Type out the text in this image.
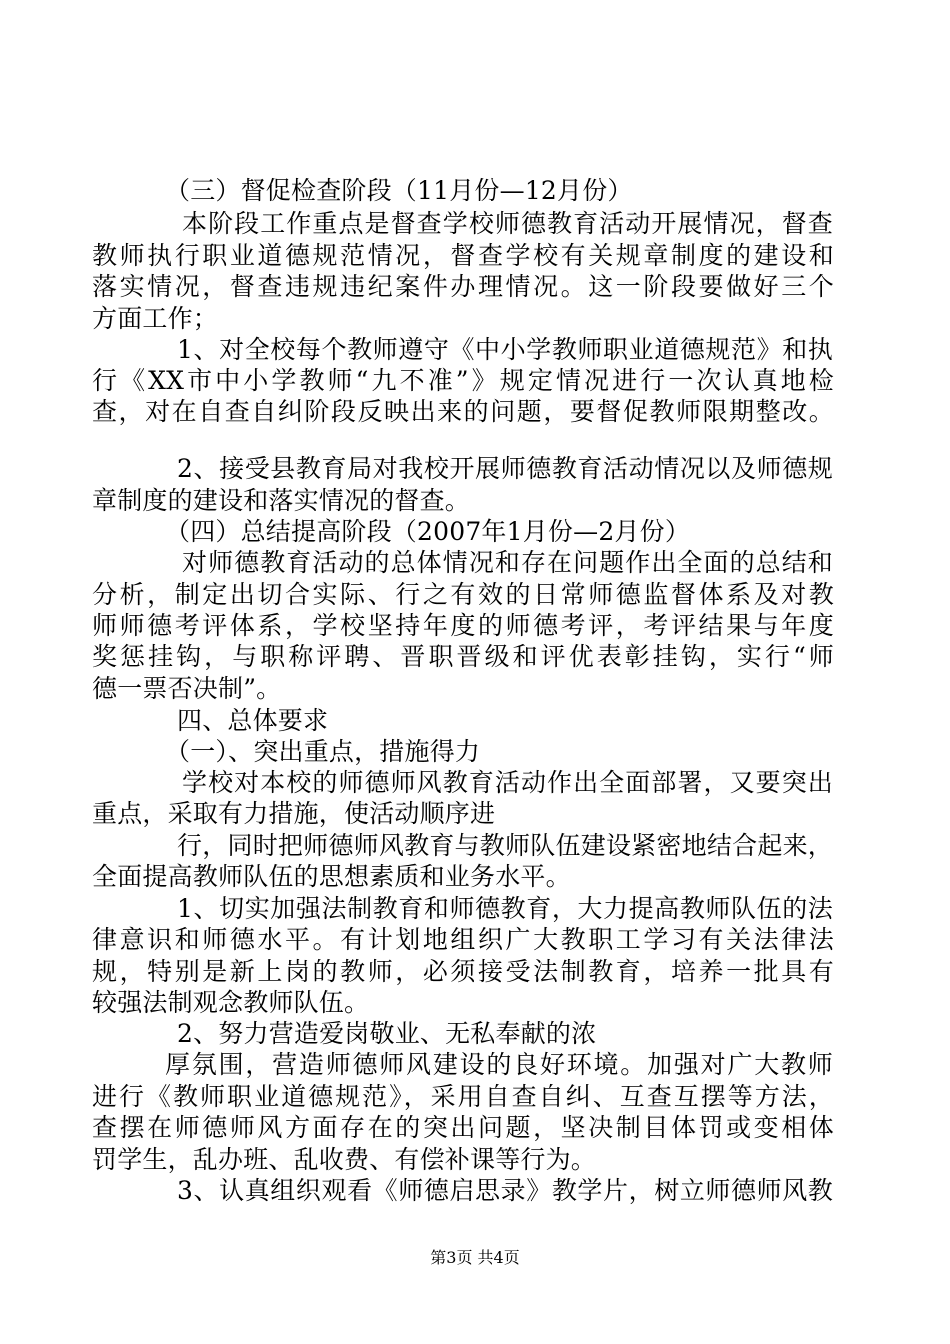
（三）督促检查阶段（11月份—12月份）
本阶段工作重点是督查学校师德教育活动开展情况，督查
教师执行职业道德规范情况，督查学校有关规章制度的建设和
落实情况，督查违规违纪案件办理情况。这一阶段要做好三个
方面工作；
1、对全校每个教师遵守《中小学教师职业道德规范》和执
行《XX市中小学教师“九不准”》规定情况进行一次认真地检
查，对在自查自纠阶段反映出来的问题，要督促教师限期整改。
2、接受县教育局对我校开展师德教育活动情况以及师德规
章制度的建设和落实情况的督查。
（四）总结提高阶段（2007年1月份—2月份）
对师德教育活动的总体情况和存在问题作出全面的总结和
分析，制定出切合实际、行之有效的日常师德监督体系及对教
师师德考评体系，学校坚持年度的师德考评，考评结果与年度
奖惩挂钩，与职称评聘、晋职晋级和评优表彰挂钩，实行“师
德一票否决制”。
四、总体要求
（一）、突出重点，措施得力
学校对本校的师德师风教育活动作出全面部署，又要突出
重点，采取有力措施，使活动顺序进
行，同时把师德师风教育与教师队伍建设紧密地结合起来，
全面提高教师队伍的思想素质和业务水平。
1、切实加强法制教育和师德教育，大力提高教师队伍的法
律意识和师德水平。有计划地组织广大教职工学习有关法律法
规，特别是新上岗的教师，必须接受法制教育，培养一批具有
较强法制观念教师队伍。
2、努力营造爱岗敬业、无私奉献的浓
厚氛围，营造师德师风建设的良好环境。加强对广大教师
进行《教师职业道德规范》，采用自查自纠、互查互摆等方法，
查摆在师德师风方面存在的突出问题，坚决制目体罚或变相体
罚学生，乱办班、乱收费、有偿补课等行为。
3、认真组织观看《师德启思录》教学片，树立师德师风教
第3页 共4页
